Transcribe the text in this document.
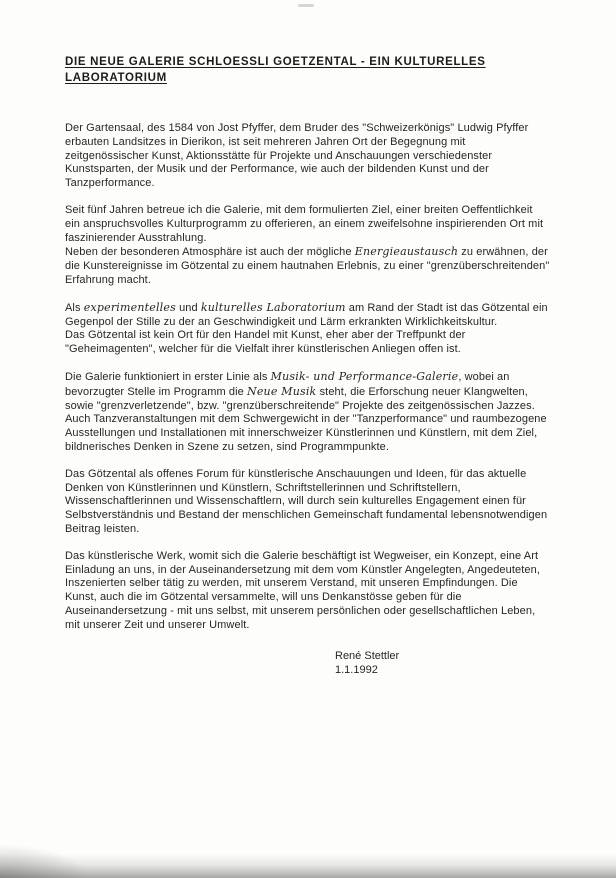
DIE NEUE GALERIE SCHLOESSLI GOETZENTAL - EIN KULTURELLES
LABORATORIUM

Der Gartensaal, des 1584 von Jost Pfyffer, dem Bruder des "Schweizerkönigs" Ludwig Pfyffer erbauten Landsitzes in Dierikon, ist seit mehreren Jahren Ort der Begegnung mit zeitgenössischer Kunst, Aktionsstätte für Projekte und Anschauungen verschiedenster Kunstsparten, der Musik und der Performance, wie auch der bildenden Kunst und der Tanzperformance.

Seit fünf Jahren betreue ich die Galerie, mit dem formulierten Ziel, einer breiten Oeffentlichkeit ein anspruchsvolles Kulturprogramm zu offerieren, an einem zweifelsohne inspirierenden Ort mit faszinierender Ausstrahlung.
Neben der besonderen Atmosphäre ist auch der mögliche Energieaustausch zu erwähnen, der die Kunstereignisse im Götzental zu einem hautnahen Erlebnis, zu einer "grenzüberschreitenden" Erfahrung macht.

Als experimentelles und kulturelles Laboratorium am Rand der Stadt ist das Götzental ein Gegenpol der Stille zu der an Geschwindigkeit und Lärm erkrankten Wirklichkeitskultur.
Das Götzental ist kein Ort für den Handel mit Kunst, eher aber der Treffpunkt der "Geheimagenten", welcher für die Vielfalt ihrer künstlerischen Anliegen offen ist.

Die Galerie funktioniert in erster Linie als Musik- und Performance-Galerie, wobei an bevorzugter Stelle im Programm die Neue Musik steht, die Erforschung neuer Klangwelten, sowie "grenzverletzende", bzw. "grenzüberschreitende" Projekte des zeitgenössischen Jazzes. Auch Tanzveranstaltungen mit dem Schwergewicht in der "Tanzperformance" und raumbezogene Ausstellungen und Installationen mit innerschweizer Künstlerinnen und Künstlern, mit dem Ziel, bildnerisches Denken in Szene zu setzen, sind Programmpunkte.

Das Götzental als offenes Forum für künstlerische Anschauungen und Ideen, für das aktuelle Denken von Künstlerinnen und Künstlern, Schriftstellerinnen und Schriftstellern, Wissenschaftlerinnen und Wissenschaftlern, will durch sein kulturelles Engagement einen für Selbstverständnis und Bestand der menschlichen Gemeinschaft fundamental lebensnotwendigen Beitrag leisten.

Das künstlerische Werk, womit sich die Galerie beschäftigt ist Wegweiser, ein Konzept, eine Art Einladung an uns, in der Auseinandersetzung mit dem vom Künstler Angelegten, Angedeuteten, Inszenierten selber tätig zu werden, mit unserem Verstand, mit unseren Empfindungen. Die Kunst, auch die im Götzental versammelte, will uns Denkanstösse geben für die Auseinandersetzung - mit uns selbst, mit unserem persönlichen oder gesellschaftlichen Leben, mit unserer Zeit und unserer Umwelt.

René Stettler
1.1.1992
